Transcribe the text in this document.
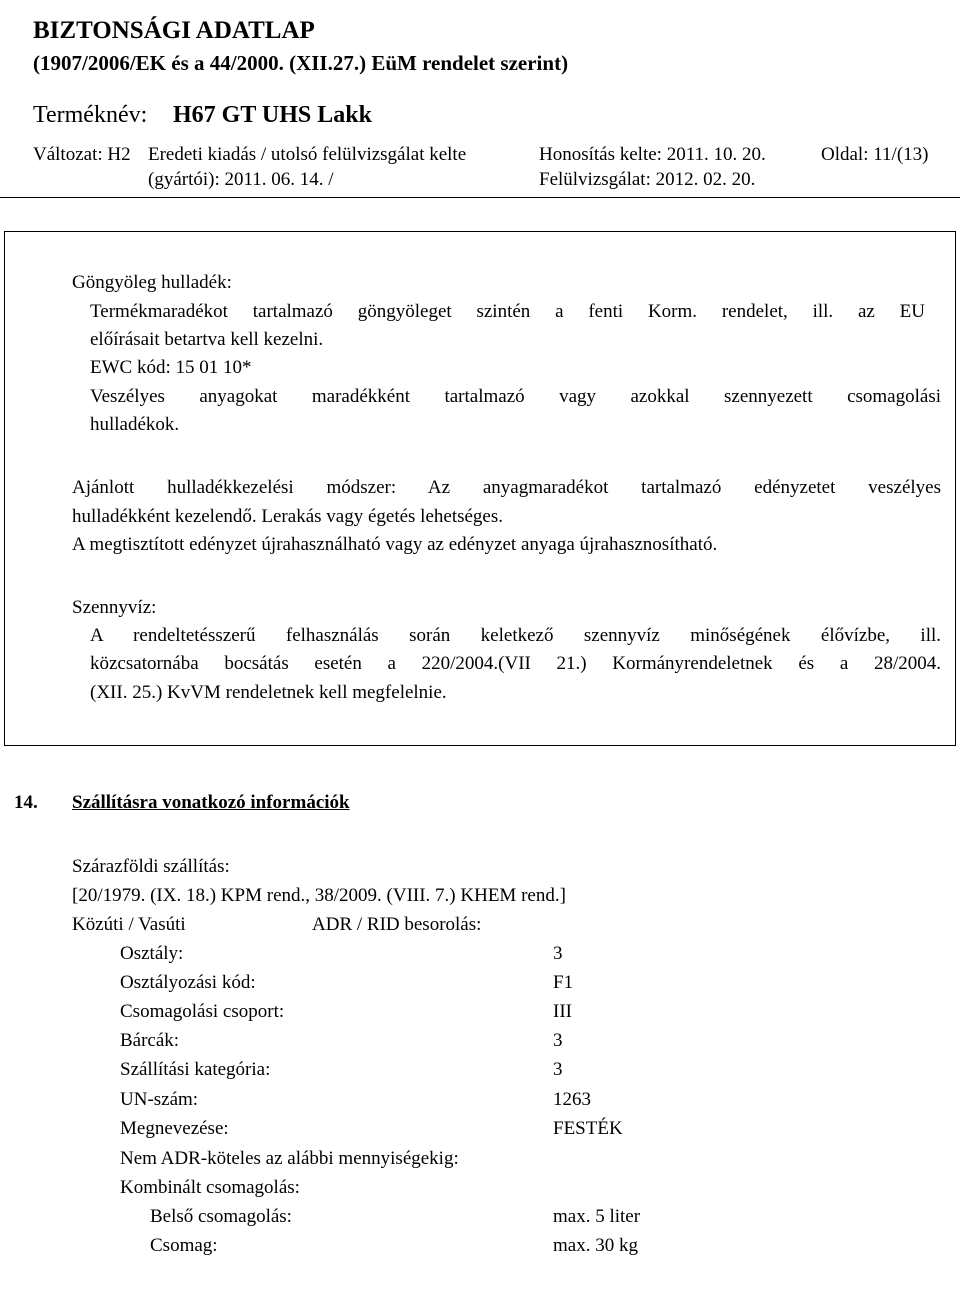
BIZTONSÁGI ADATLAP
(1907/2006/EK és a 44/2000. (XII.27.) EüM rendelet szerint)
Terméknév: H67 GT UHS Lakk
Változat: H2 Eredeti kiadás / utolsó felülvizsgálat kelte
(gyártói): 2011. 06. 14. /
Honosítás kelte: 2011. 10. 20.
Felülvizsgálat: 2012. 02. 20.
Oldal: 11/(13)
Göngyöleg hulladék:
Termékmaradékot tartalmazó göngyöleget szintén a fenti Korm. rendelet, ill. az EU
előírásait betartva kell kezelni.
EWC kód: 15 01 10*
Veszélyes anyagokat maradékként tartalmazó vagy azokkal szennyezett csomagolási
hulladékok.
Ajánlott hulladékkezelési módszer: Az anyagmaradékot tartalmazó edényzetet veszélyes
hulladékként kezelendő. Lerakás vagy égetés lehetséges.
A megtisztított edényzet újrahasználható vagy az edényzet anyaga újrahasznosítható.
Szennyvíz:
A rendeltetésszerű felhasználás során keletkező szennyvíz minőségének élővízbe, ill.
közcsatornába bocsátás esetén a 220/2004.(VII 21.) Kormányrendeletnek és a 28/2004.
(XII. 25.) KvVM rendeletnek kell megfelelnie.
14. Szállításra vonatkozó információk
Szárazföldi szállítás:
[20/1979. (IX. 18.) KPM rend., 38/2009. (VIII. 7.) KHEM rend.]
Közúti / Vasúti	ADR / RID besorolás:
Osztály:	3
Osztályozási kód:	F1
Csomagolási csoport:	III
Bárcák:	3
Szállítási kategória:	3
UN-szám:	1263
Megnevezése:	FESTÉK
Nem ADR-köteles az alábbi mennyiségekig:
Kombinált csomagolás:
Belső csomagolás:	max. 5 liter
Csomag:	max. 30 kg
